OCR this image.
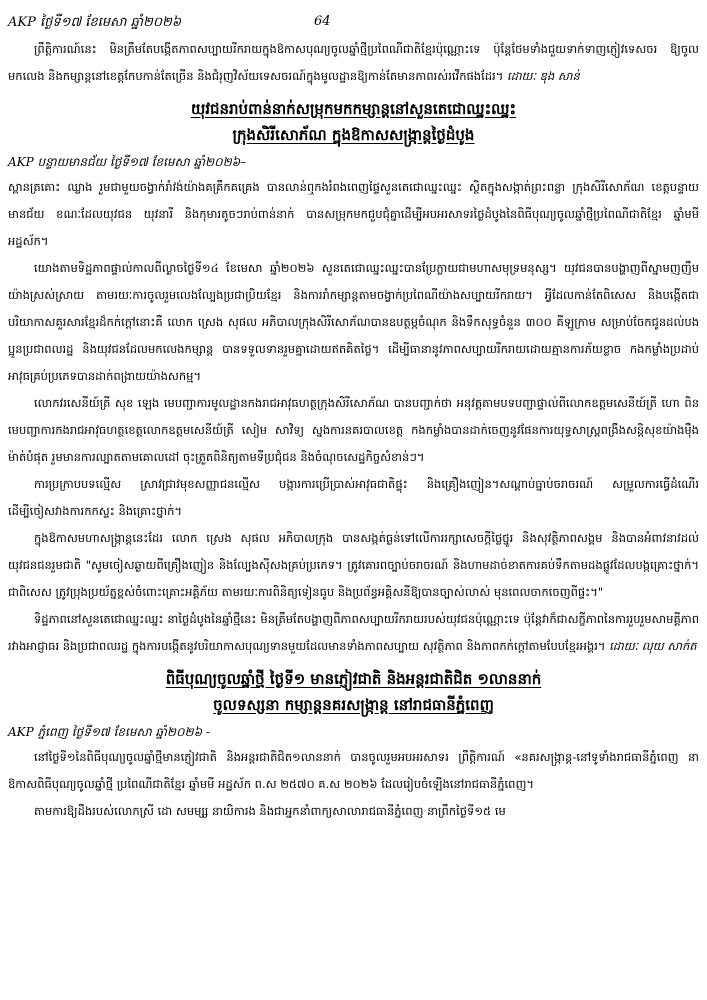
AKP ថ្ងៃទី១៧ ខែមេសា ឆ្នាំ២០២៦	64

ព្រឹត្តិការណ៍នេះ មិនត្រឹមតែបង្កើតភាពសប្បាយរីករាយក្នុងឱកាសបុណ្យចូលឆ្នាំថ្មីប្រពៃណីជាតិខ្មែរប៉ុណ្ណោះទេ ប៉ុន្តែថែមទាំងជួយទាក់ទាញភ្ញៀវទេសចរ ឱ្យចូលមកលេង និងកម្សាន្តនៅខេត្តកែបកាន់តែច្រើន និងជំរុញវិស័យទេសចរណ៍ក្នុងមូលដ្ឋានឱ្យកាន់តែមានភាពរស់រវើកផងដែរ។ ដោយៈ ឌុង សាន់

យុវជនរាប់ពាន់នាក់សម្រុកមកកម្សាន្តនៅសួនតេជោឈ្នះឈ្នះ
ក្រុងសិរីសោភ័ណ ក្នុងឱកាសសង្ក្រាន្តថ្ងៃដំបូង

AKP បន្ទាយមានជ័យ ថ្ងៃទី១៧ ខែមេសា ឆ្នាំ២០២៦–

ស្ពានត្រគោះ ឈ្លាង រួមជាមួយចង្វាក់រាំវង់យ៉ាងគគ្រឹកគគ្រេង បានលាន់ឮកងរំពងពេញផ្ទៃសួនតេជោឈ្នះឈ្នះ ស្ថិតក្នុងសង្កាត់ព្រះពន្លា ក្រុងសិរីសោភ័ណ ខេត្តបន្ទាយមានជ័យ ខណៈដែលយុវជន យុវនារី និងកុមារតូចៗរាប់ពាន់នាក់ បានសម្រុកមកជួបជុំគ្នាដើម្បីអបអរសាទរថ្ងៃដំបូងនៃពិធីបុណ្យចូលឆ្នាំថ្មីប្រពៃណីជាតិខ្មែរ ឆ្នាំមមី អដ្ឋស័ក។

យោងតាមទិដ្ឋភាពផ្ទាល់កាលពីល្ងាចថ្ងៃទី១៤ ខែមេសា ឆ្នាំ២០២៦ សួនតេជោឈ្នះឈ្នះបានប្រែក្លាយជាមហាសមុទ្រមនុស្ស។ យុវជនបានបង្ហាញពីស្នាមញញឹមយ៉ាងស្រស់ស្រាយ តាមរយៈការចូលរួមលេងល្បែងប្រជាប្រិយខ្មែរ និងការរាំកម្សាន្តតាមចង្វាក់ប្រពៃណីយ៉ាងសប្បាយរីករាយ។ អ្វីដែលកាន់តែពិសេស និងបង្កើតជាបរិយាកាសគួរសារខ្មែរដ៏កក់ក្តៅនោះគឺ លោក ស្រេង សុផល អភិបាលក្រុងសិរីសោភ័ណបានឧបត្ថម្ភចំណុក និងទឹកសុទ្ធចំនួន ៣០០ គីឡូក្រាម សម្រាប់ចែកជូនដល់បងប្អូនប្រជាពលរដ្ឋ និងយុវជនដែលមកលេងកម្សាន្ត បានទទួលទានរួមគ្នាដោយឥតគិតថ្លៃ។ ដើម្បីធានានូវភាពសប្បាយរីករាយដោយគ្មានការភ័យខ្លាច កងកម្លាំងប្រដាប់អាវុធគ្រប់ប្រភេទបានដាក់ពង្រាយយ៉ាងសកម្ម។

លោកវរសេនីយ៍ត្រី សុខ ឡេង មេបញ្ជាការមូលដ្ឋានកងរាជអាវុធហត្ថក្រុងសិរីសោភ័ណ បានបញ្ជាក់ថា អនុវត្តតាមបទបញ្ជាផ្ទាល់ពីលោកឧត្តមសេនីយ៍ត្រី ហោ ពិន មេបញ្ជាការកងរាជអាវុធហត្ថខេត្តលោកឧត្តមសេនីយ៍ត្រី សៀម សាវិទ្យ ស្នងការនគរបាលខេត្ត កងកម្លាំងបានដាក់ចេញនូវផែនការយុទ្ធសាស្ត្រពង្រឹងសន្តិសុខយ៉ាងម៉ឺងម៉ាត់បំផុត រួមមានការល្បាតតាមគោលដៅ ចុះត្រួតពិនិត្យតាមទីប្រជុំជន និងចំណុចសេដ្ឋកិច្ចសំខាន់ៗ។

ការប្រក្រាបបទល្មើស ស្រាវជ្រាវមុខសញ្ញាជនល្មើស បង្ការការប្រើប្រាស់អាវុធជាតិផ្ទុះ និងគ្រឿងញៀន។សណ្តាប់ធ្នាប់ចរាចរណ៍ សម្រួលការធ្វើដំណើរ ដើម្បីចៀសវាងការកកស្ទះ និងគ្រោះថ្នាក់។

ក្នុងឱកាសមហាសង្ក្រាន្តនេះដែរ លោក ស្រេង សុផល អភិបាលក្រុង បានសង្កត់ធ្ងន់ទៅលើការរក្សាសេចក្តីថ្លៃថ្នូរ និងសុវត្ថិភាពសង្គម និងបានអំពាវនាវដល់យុវជនជនរួមជាតិ "សូមចៀសឆ្ងាយពីគ្រឿងញៀន និងល្បែងស៊ីសងគ្រប់ប្រភេទ។ ត្រូវគោរពច្បាប់ចរាចរណ៍ និងហាមដាច់ខាតការគប់ទឹកតាមដងផ្លូវដែលបង្កគ្រោះថ្នាក់។ ជាពិសេស ត្រូវប្រុងប្រយ័ត្នខ្ពស់ចំពោះគ្រោះអគ្គិភ័យ តាមរយៈការពិនិត្យទៀនធូប និងប្រព័ន្ធអគ្គិសនីឱ្យបានច្បាស់លាស់ មុនពេលចាកចេញពីផ្ទះ។"

ទិដ្ឋភាពនៅសួនតេជោឈ្នះឈ្នះ នាថ្ងៃដំបូងនៃឆ្នាំថ្មីនេះ មិនត្រឹមតែបង្ហាញពីភាពសប្បាយរីករាយរបស់យុវជនប៉ុណ្ណោះទេ ប៉ុន្តែវាក៏ជាសក្ខីភាពនៃការរួបរួមសាមគ្គីភាពរវាងអាជ្ញាធរ និងប្រជាពលរដ្ឋ ក្នុងការបង្កើតនូវបរិយាកាសបុណ្យទានមួយដែលមានទាំងភាពសប្បាយ សុវត្ថិភាព និងភាពកក់ក្តៅតាមបែបខ្មែរអង្គរ។ ដោយៈ លុយ សាក់ត

ពិធីបុណ្យចូលឆ្នាំថ្មី ថ្ងៃទី១ មានភ្ញៀវជាតិ និងអន្តរជាតិជិត ១លាននាក់
ចូលទស្សនា កម្សាន្តនគរសង្ក្រាន្ត នៅរាជធានីភ្នំពេញ

AKP ភ្នំពេញ ថ្ងៃទី១៧ ខែមេសា ឆ្នាំ២០២៦ -

នៅថ្ងៃទី១នៃពិធីបុណ្យចូលឆ្នាំថ្មីមានភ្ញៀវជាតិ និងអន្តរជាតិជិត១លាននាក់ បានចូលរួមអបអរសាទរ ព្រឹត្តិការណ៍ «នគរសង្ក្រាន្ត-នៅទូទាំងរាជធានីភ្នំពេញ នាឱកាសពិធីបុណ្យចូលឆ្នាំថ្មី ប្រពៃណីជាតិខ្មែរ ឆ្នាំមមី អដ្ឋស័ក ព.ស ២៥៧០ គ.ស ២០២៦ ដែលរៀបចំឡើងនៅរាជធានីភ្នំពេញ។

តាមការឱ្យដឹងរបស់លោកស្រី ដោ សមម្ស្ស នាយិការង និងជាអ្នកនាំពាក្យសាលារាជធានីភ្នំពេញ នាព្រឹកថ្ងៃទី១៥ មេ
